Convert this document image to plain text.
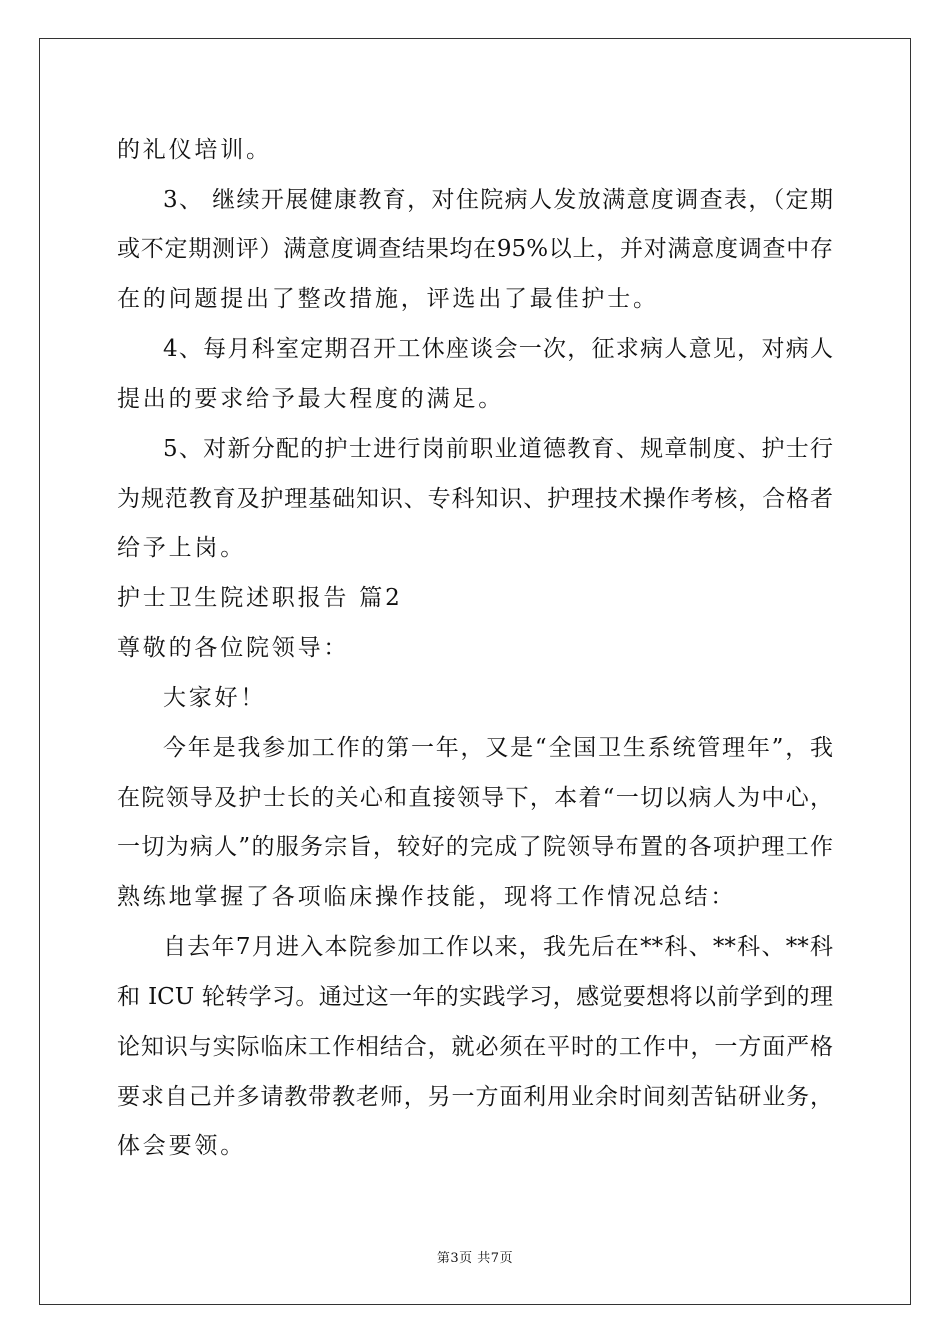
的礼仪培训。
3、 继续开展健康教育，对住院病人发放满意度调查表，（定期
或不定期测评）满意度调查结果均在95%以上，并对满意度调查中存
在的问题提出了整改措施，评选出了最佳护士。
4、每月科室定期召开工休座谈会一次，征求病人意见，对病人
提出的要求给予最大程度的满足。
5、对新分配的护士进行岗前职业道德教育、规章制度、护士行
为规范教育及护理基础知识、专科知识、护理技术操作考核，合格者
给予上岗。
护士卫生院述职报告 篇2
尊敬的各位院领导：
大家好！
今年是我参加工作的第一年，又是“全国卫生系统管理年”，我
在院领导及护士长的关心和直接领导下，本着“一切以病人为中心，
一切为病人”的服务宗旨，较好的完成了院领导布置的各项护理工作
熟练地掌握了各项临床操作技能，现将工作情况总结：
自去年7月进入本院参加工作以来，我先后在**科、**科、**科
和 ICU 轮转学习。通过这一年的实践学习，感觉要想将以前学到的理
论知识与实际临床工作相结合，就必须在平时的工作中，一方面严格
要求自己并多请教带教老师，另一方面利用业余时间刻苦钻研业务，
体会要领。
第3页 共7页
